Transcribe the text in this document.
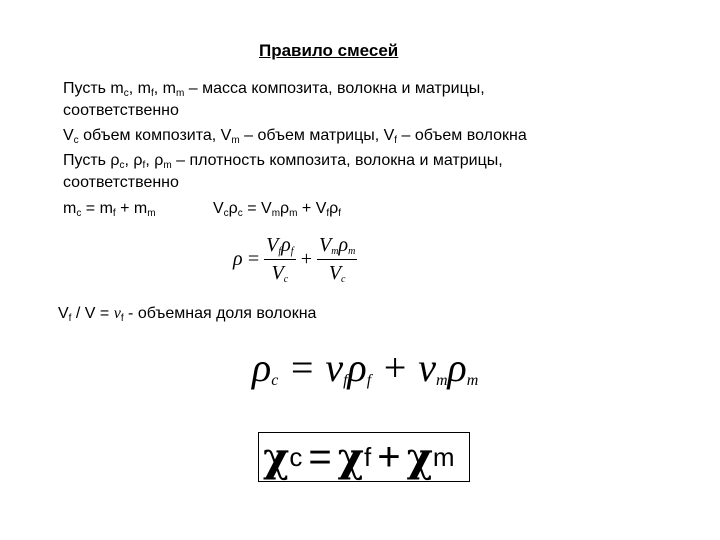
Правило смесей
Пусть $m_c$, $m_f$, $m_m$ – масса композита, волокна и матрицы,
соответственно
$V_c$ объем композита, $V_m$ – объем матрицы, $V_f$ – объем волокна
Пусть $\rho_c$, $\rho_f$, $\rho_m$ – плотность композита, волокна и матрицы,
соответственно
$m_c = m_f + m_m$	$V_c\rho_c = V_m\rho_m + V_f\rho_f$
$\rho = \frac{V_f\rho_f}{V_c} + \frac{V_m\rho_m}{V_c}$
$V_f / V = \nu_f$ - объемная доля волокна
$\rho_c = \nu_f\rho_f + \nu_m\rho_m$
χ c = χ f + χ m
